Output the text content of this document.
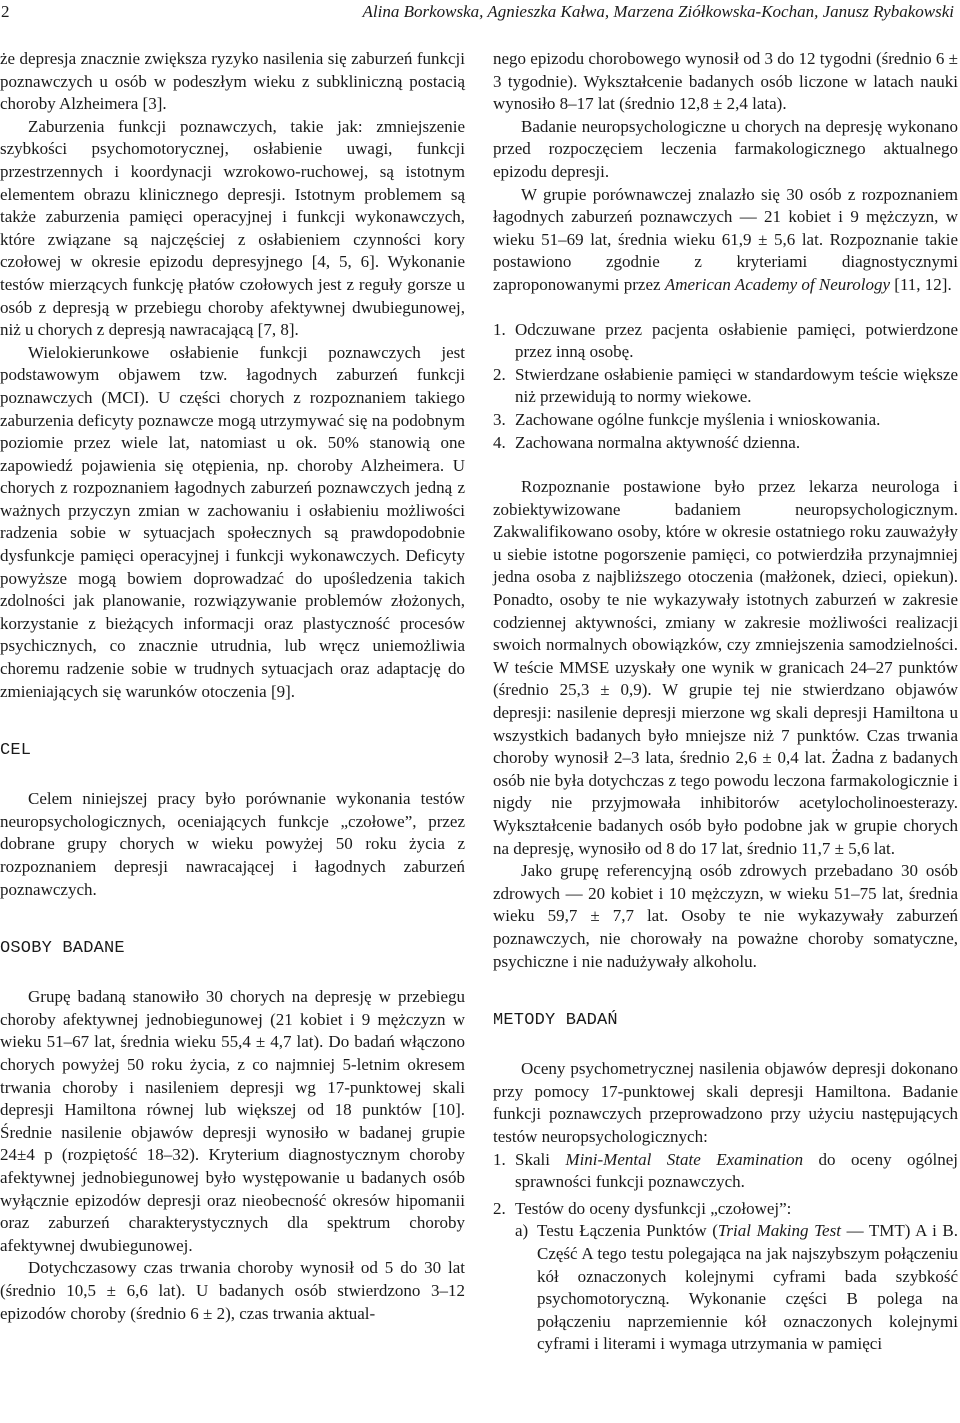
2	Alina Borkowska, Agnieszka Kałwa, Marzena Ziółkowska-Kochan, Janusz Rybakowski

że depresja znacznie zwiększa ryzyko nasilenia się zaburzeń funkcji poznawczych u osób w podeszłym wieku z subkliniczną postacią choroby Alzheimera [3].

Zaburzenia funkcji poznawczych, takie jak: zmniejszenie szybkości psychomotorycznej, osłabienie uwagi, funkcji przestrzennych i koordynacji wzrokowo-ruchowej, są istotnym elementem obrazu klinicznego depresji. Istotnym problemem są także zaburzenia pamięci operacyjnej i funkcji wykonawczych, które związane są najczęściej z osłabieniem czynności kory czołowej w okresie epizodu depresyjnego [4, 5, 6]. Wykonanie testów mierzących funkcję płatów czołowych jest z reguły gorsze u osób z depresją w przebiegu choroby afektywnej dwubiegunowej, niż u chorych z depresją nawracającą [7, 8].

Wielokierunkowe osłabienie funkcji poznawczych jest podstawowym objawem tzw. łagodnych zaburzeń funkcji poznawczych (MCI). U części chorych z rozpoznaniem takiego zaburzenia deficyty poznawcze mogą utrzymywać się na podobnym poziomie przez wiele lat, natomiast u ok. 50% stanowią one zapowiedź pojawienia się otępienia, np. choroby Alzheimera. U chorych z rozpoznaniem łagodnych zaburzeń poznawczych jedną z ważnych przyczyn zmian w zachowaniu i osłabieniu możliwości radzenia sobie w sytuacjach społecznych są prawdopodobnie dysfunkcje pamięci operacyjnej i funkcji wykonawczych. Deficyty powyższe mogą bowiem doprowadzać do upośledzenia takich zdolności jak planowanie, rozwiązywanie problemów złożonych, korzystanie z bieżących informacji oraz plastyczność procesów psychicznych, co znacznie utrudnia, lub wręcz uniemożliwia choremu radzenie sobie w trudnych sytuacjach oraz adaptację do zmieniających się warunków otoczenia [9].

CEL

Celem niniejszej pracy było porównanie wykonania testów neuropsychologicznych, oceniających funkcje „czołowe”, przez dobrane grupy chorych w wieku powyżej 50 roku życia z rozpoznaniem depresji nawracającej i łagodnych zaburzeń poznawczych.

OSOBY BADANE

Grupę badaną stanowiło 30 chorych na depresję w przebiegu choroby afektywnej jednobiegunowej (21 kobiet i 9 mężczyzn w wieku 51–67 lat, średnia wieku 55,4 ± 4,7 lat). Do badań włączono chorych powyżej 50 roku życia, z co najmniej 5-letnim okresem trwania choroby i nasileniem depresji wg 17-punktowej skali depresji Hamiltona równej lub większej od 18 punktów [10]. Średnie nasilenie objawów depresji wynosiło w badanej grupie 24±4 p (rozpiętość 18–32). Kryterium diagnostycznym choroby afektywnej jednobiegunowej było występowanie u badanych osób wyłącznie epizodów depresji oraz nieobecność okresów hipomanii oraz zaburzeń charakterystycznych dla spektrum choroby afektywnej dwubiegunowej.

Dotychczasowy czas trwania choroby wynosił od 5 do 30 lat (średnio 10,5 ± 6,6 lat). U badanych osób stwierdzono 3–12 epizodów choroby (średnio 6 ± 2), czas trwania aktual-

nego epizodu chorobowego wynosił od 3 do 12 tygodni (średnio 6 ± 3 tygodnie). Wykształcenie badanych osób liczone w latach nauki wynosiło 8–17 lat (średnio 12,8 ± 2,4 lata).

Badanie neuropsychologiczne u chorych na depresję wykonano przed rozpoczęciem leczenia farmakologicznego aktualnego epizodu depresji.

W grupie porównawczej znalazło się 30 osób z rozpoznaniem łagodnych zaburzeń poznawczych — 21 kobiet i 9 mężczyzn, w wieku 51–69 lat, średnia wieku 61,9 ± 5,6 lat. Rozpoznanie takie postawiono zgodnie z kryteriami diagnostycznymi zaproponowanymi przez American Academy of Neurology [11, 12].

1. Odczuwane przez pacjenta osłabienie pamięci, potwierdzone przez inną osobę.
2. Stwierdzane osłabienie pamięci w standardowym teście większe niż przewidują to normy wiekowe.
3. Zachowane ogólne funkcje myślenia i wnioskowania.
4. Zachowana normalna aktywność dzienna.

Rozpoznanie postawione było przez lekarza neurologa i zobiektywizowane badaniem neuropsychologicznym. Zakwalifikowano osoby, które w okresie ostatniego roku zauważyły u siebie istotne pogorszenie pamięci, co potwierdziła przynajmniej jedna osoba z najbliższego otoczenia (małżonek, dzieci, opiekun). Ponadto, osoby te nie wykazywały istotnych zaburzeń w zakresie codziennej aktywności, zmiany w zakresie możliwości realizacji swoich normalnych obowiązków, czy zmniejszenia samodzielności. W teście MMSE uzyskały one wynik w granicach 24–27 punktów (średnio 25,3 ± 0,9). W grupie tej nie stwierdzano objawów depresji: nasilenie depresji mierzone wg skali depresji Hamiltona u wszystkich badanych było mniejsze niż 7 punktów. Czas trwania choroby wynosił 2–3 lata, średnio 2,6 ± 0,4 lat. Żadna z badanych osób nie była dotychczas z tego powodu leczona farmakologicznie i nigdy nie przyjmowała inhibitorów acetylocholinoesterazy. Wykształcenie badanych osób było podobne jak w grupie chorych na depresję, wynosiło od 8 do 17 lat, średnio 11,7 ± 5,6 lat.

Jako grupę referencyjną osób zdrowych przebadano 30 osób zdrowych — 20 kobiet i 10 mężczyzn, w wieku 51–75 lat, średnia wieku 59,7 ± 7,7 lat. Osoby te nie wykazywały zaburzeń poznawczych, nie chorowały na poważne choroby somatyczne, psychiczne i nie nadużywały alkoholu.

METODY BADAŃ

Oceny psychometrycznej nasilenia objawów depresji dokonano przy pomocy 17-punktowej skali depresji Hamiltona. Badanie funkcji poznawczych przeprowadzono przy użyciu następujących testów neuropsychologicznych:

1. Skali Mini-Mental State Examination do oceny ogólnej sprawności funkcji poznawczych.
2. Testów do oceny dysfunkcji „czołowej”:
a) Testu Łączenia Punktów (Trial Making Test — TMT) A i B. Część A tego testu polegająca na jak najszybszym połączeniu kół oznaczonych kolejnymi cyframi bada szybkość psychomotoryczną. Wykonanie części B polega na połączeniu naprzemiennie kół oznaczonych kolejnymi cyframi i literami i wymaga utrzymania w pamięci
